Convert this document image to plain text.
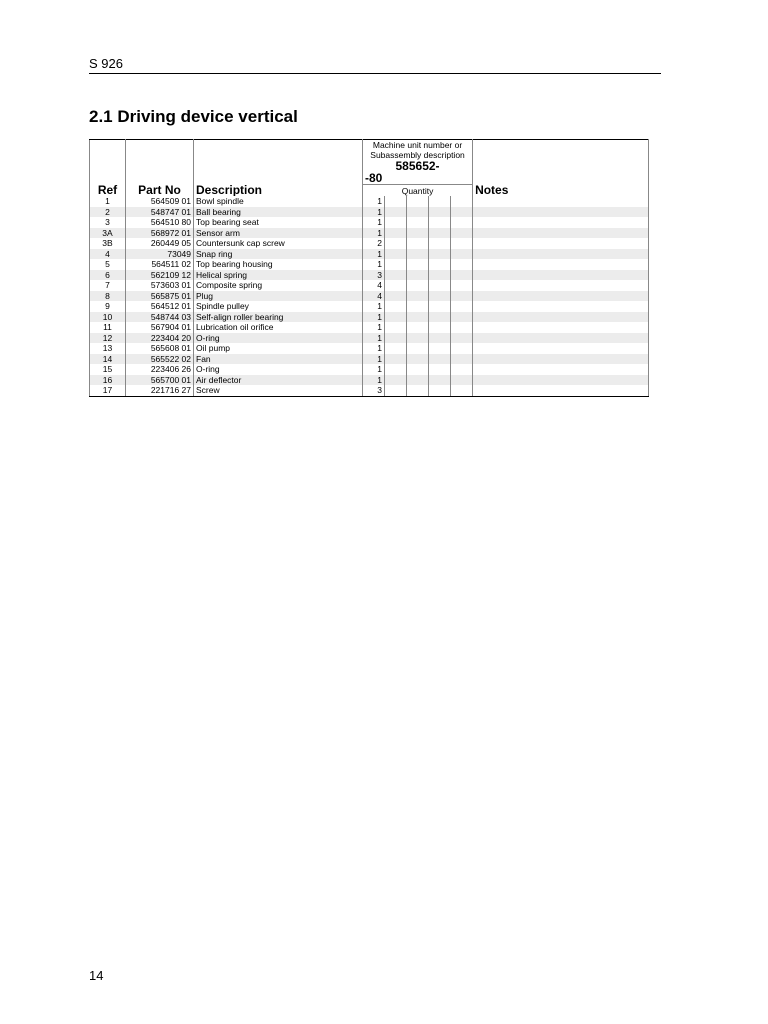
S 926
2.1 Driving device vertical
Ref	Part No	Description	Machine unit number or Subassembly description
585652-
-80					Notes
			Quantity					
1	564509 01	Bowl spindle	1					
2	548747 01	Ball bearing	1					
3	564510 80	Top bearing seat	1					
3A	568972 01	Sensor arm	1					
3B	260449 05	Countersunk cap screw	2					
4	73049	Snap ring	1					
5	564511 02	Top bearing housing	1					
6	562109 12	Helical spring	3					
7	573603 01	Composite spring	4					
8	565875 01	Plug	4					
9	564512 01	Spindle pulley	1					
10	548744 03	Self-align roller bearing	1					
11	567904 01	Lubrication oil orifice	1					
12	223404 20	O-ring	1					
13	565608 01	Oil pump	1					
14	565522 02	Fan	1					
15	223406 26	O-ring	1					
16	565700 01	Air deflector	1					
17	221716 27	Screw	3					
14
